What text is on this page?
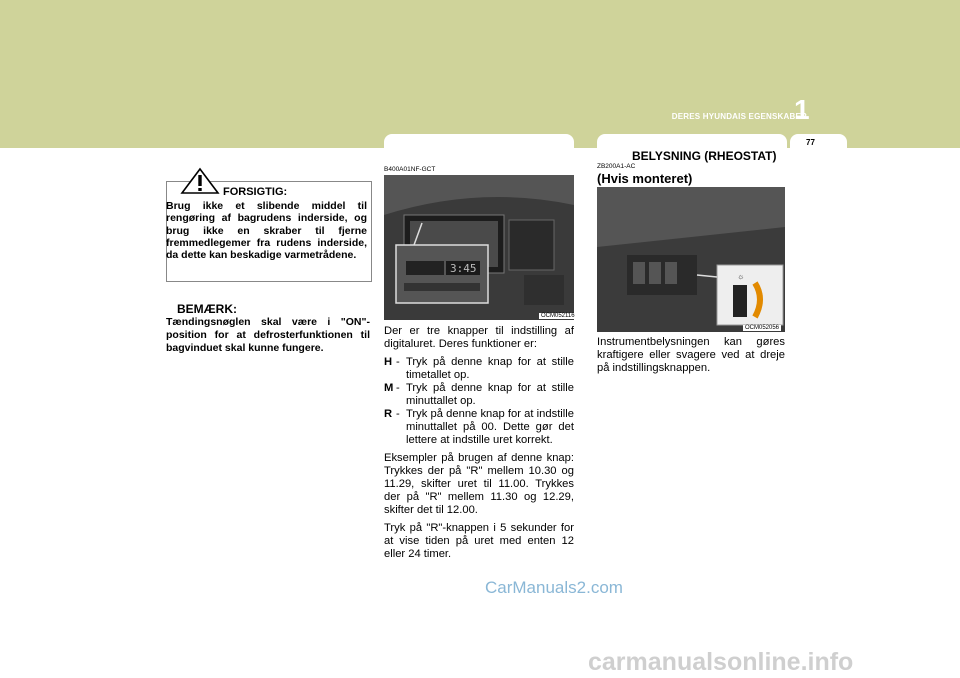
DERES HYUNDAIS EGENSKABER
1
77
DIGITALUR	INDSTILLING AF INSTRUMENT-
BELYSNING (RHEOSTAT)
FORSIGTIG:
Brug ikke et slibende middel til rengøring af bagrudens inderside, og brug ikke en skraber til fjerne fremmedlegemer fra rudens inderside, da dette kan beskadige varmetrådene.
BEMÆRK:
Tændingsnøglen skal være i "ON"-position for at defrosterfunktionen til bagvinduet skal kunne fungere.
B400A01NF-GCT
3:45
OCM052116

Der er tre knapper til indstilling af digitaluret. Deres funktioner er:

H - Tryk på denne knap for at stille timetallet op.
M - Tryk på denne knap for at stille minuttallet op.
R - Tryk på denne knap for at indstille minuttallet på 00. Dette gør det lettere at indstille uret korrekt.

Eksempler på brugen af denne knap: Trykkes der på "R" mellem 10.30 og 11.29, skifter uret til 11.00. Trykkes der på "R" mellem 11.30 og 12.29, skifter det til 12.00.

Tryk på "R"-knappen i 5 sekunder for at vise tiden på uret med enten 12 eller 24 timer.

ZB200A1-AC
(Hvis monteret)
☼
OCM052056
Instrumentbelysningen kan gøres kraftigere eller svagere ved at dreje på indstillingsknappen.
CarManuals2.com
carmanualsonline.info
